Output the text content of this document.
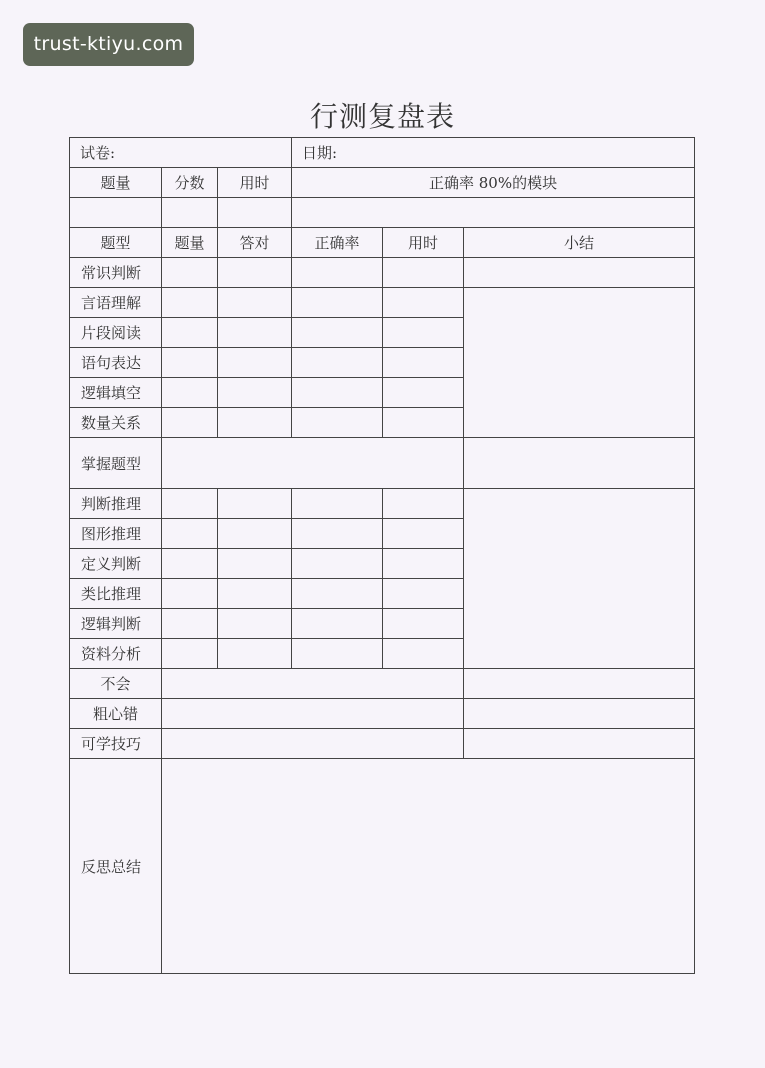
trust-ktiyu.com
行测复盘表
试卷:			日期:		
题量	分数	用时	正确率 80%的模块		

题型	题量	答对	正确率	用时	小结
常识判断					
言语理解					
片段阅读					
语句表达					
逻辑填空					
数量关系					
掌握题型					
判断推理					
图形推理					
定义判断					
类比推理					
逻辑判断					
资料分析					
不会					
粗心错					
可学技巧					
反思总结					
